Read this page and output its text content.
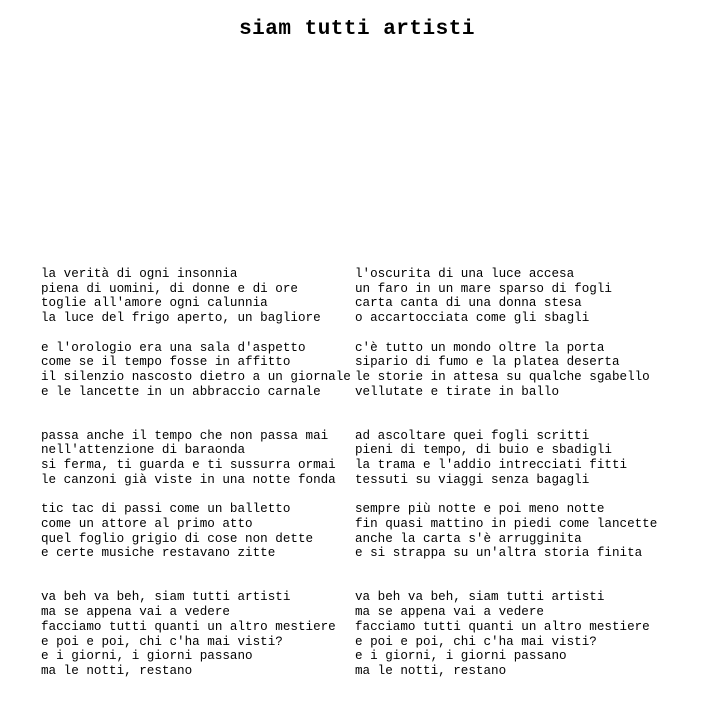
siam tutti artisti
la verità di ogni insonnia
piena di uomini, di donne e di ore
toglie all'amore ogni calunnia
la luce del frigo aperto, un bagliore
e l'orologio era una sala d'aspetto
come se il tempo fosse in affitto
il silenzio nascosto dietro a un giornale
e le lancette in un abbraccio carnale
passa anche il tempo che non passa mai
nell'attenzione di baraonda
si ferma, ti guarda e ti sussurra ormai
le canzoni già viste in una notte fonda
tic tac di passi come un balletto
come un attore al primo atto
quel foglio grigio di cose non dette
e certe musiche restavano zitte
va beh va beh, siam tutti artisti
ma se appena vai a vedere
facciamo tutti quanti un altro mestiere
e poi e poi, chi c'ha mai visti?
e i giorni, i giorni passano
ma le notti, restano
l'oscurita di una luce accesa
un faro in un mare sparso di fogli
carta canta di una donna stesa
o accartocciata come gli sbagli
c'è tutto un mondo oltre la porta
sipario di fumo e la platea deserta
le storie in attesa su qualche sgabello
vellutate e tirate in ballo
ad ascoltare quei fogli scritti
pieni di tempo, di buio e sbadigli
la trama e l'addio intrecciati fitti
tessuti su viaggi senza bagagli
sempre più notte e poi meno notte
fin quasi mattino in piedi come lancette
anche la carta s'è arrugginita
e si strappa su un'altra storia finita
va beh va beh, siam tutti artisti
ma se appena vai a vedere
facciamo tutti quanti un altro mestiere
e poi e poi, chi c'ha mai visti?
e i giorni, i giorni passano
ma le notti, restano
